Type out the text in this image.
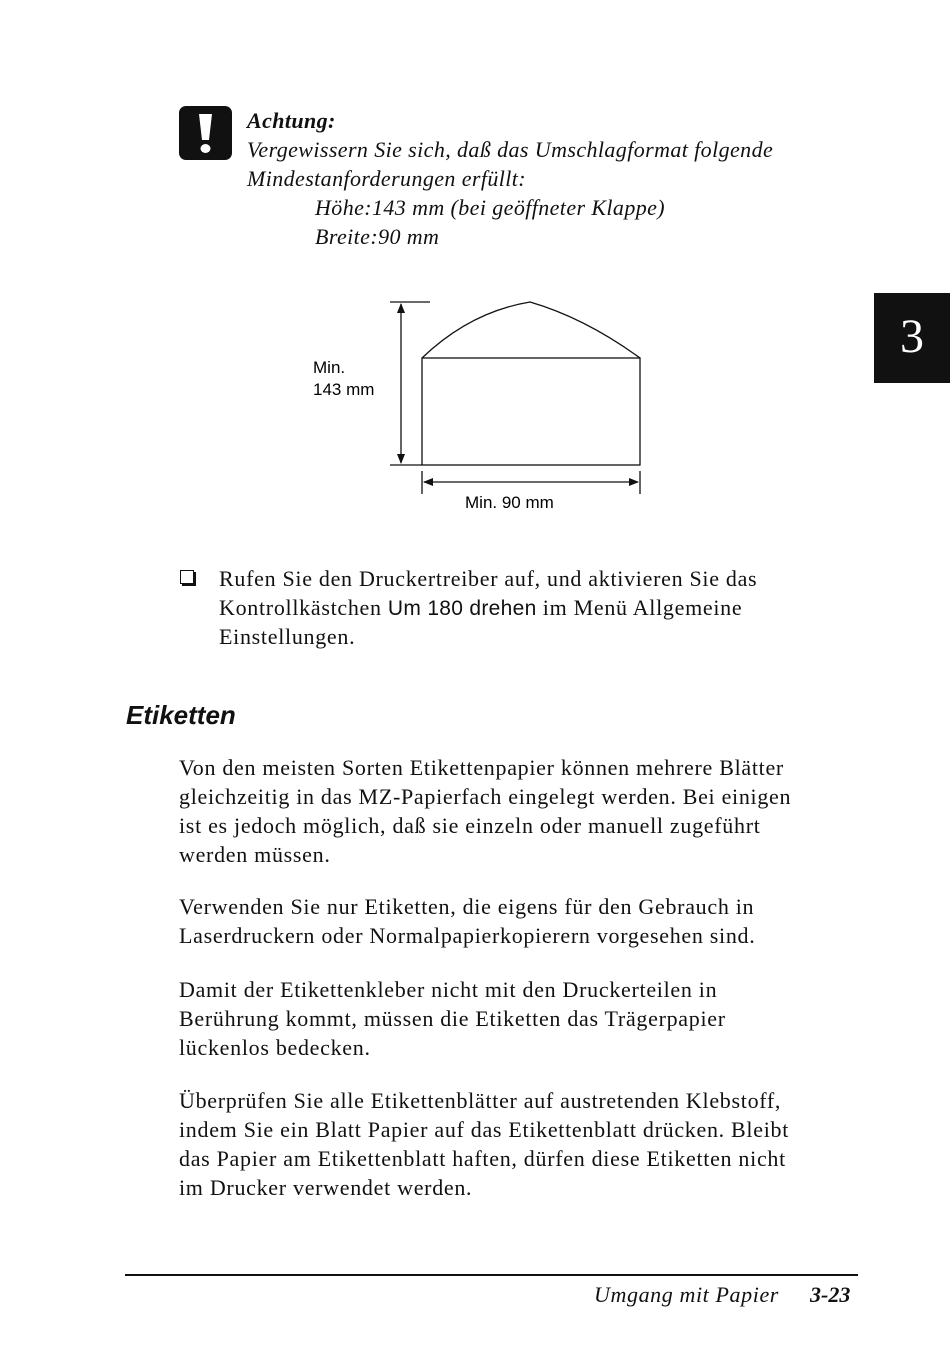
Achtung:
Vergewissern Sie sich, daß das Umschlagformat folgende
Mindestanforderungen erfüllt:
Höhe:143 mm (bei geöffneter Klappe)
Breite:90 mm
3
Min.
143 mm
Min. 90 mm
Rufen Sie den Druckertreiber auf, und aktivieren Sie das
Kontrollkästchen Um 180 drehen im Menü Allgemeine
Einstellungen.
Etiketten
Von den meisten Sorten Etikettenpapier können mehrere Blätter
gleichzeitig in das MZ-Papierfach eingelegt werden. Bei einigen
ist es jedoch möglich, daß sie einzeln oder manuell zugeführt
werden müssen.
Verwenden Sie nur Etiketten, die eigens für den Gebrauch in
Laserdruckern oder Normalpapierkopierern vorgesehen sind.
Damit der Etikettenkleber nicht mit den Druckerteilen in
Berührung kommt, müssen die Etiketten das Trägerpapier
lückenlos bedecken.
Überprüfen Sie alle Etikettenblätter auf austretenden Klebstoff,
indem Sie ein Blatt Papier auf das Etikettenblatt drücken. Bleibt
das Papier am Etikettenblatt haften, dürfen diese Etiketten nicht
im Drucker verwendet werden.
Umgang mit Papier 3-23
